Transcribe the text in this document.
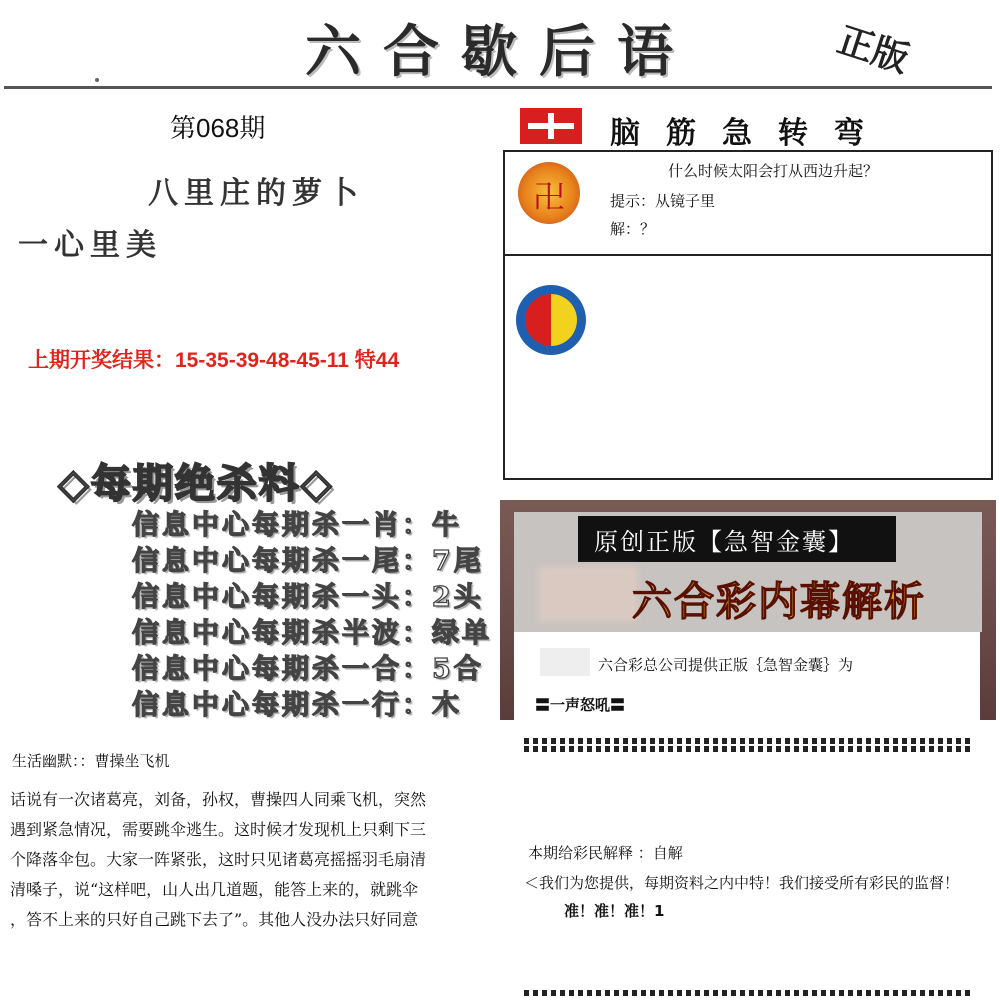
六合歇后语	正版
第068期
八里庄的萝卜
一心里美
上期开奖结果：15-35-39-48-45-11 特44
◇每期绝杀料◇
信息中心每期杀一肖：牛
信息中心每期杀一尾：7尾
信息中心每期杀一头：2头
信息中心每期杀半波：绿单
信息中心每期杀一合：5合
信息中心每期杀一行：木
生活幽默：：曹操坐飞机
话说有一次诸葛亮，刘备，孙权，曹操四人同乘飞机，突然
遇到紧急情况，需要跳伞逃生。这时候才发现机上只剩下三
个降落伞包。大家一阵紧张，这时只见诸葛亮摇摇羽毛扇清
清嗓子，说“这样吧，山人出几道题，能答上来的，就跳伞
，答不上来的只好自己跳下去了”。其他人没办法只好同意
脑筋急转弯
卍
什么时候太阳会打从西边升起？
提示：从镜子里
解：？
原创正版【急智金囊】
六合彩内幕解析
六合彩总公司提供正版｛急智金囊｝为
〓一声怒吼〓
本期给彩民解释 ：自解
＜我们为您提供，每期资料之内中特！我们接受所有彩民的监督！
准！准！准！1
